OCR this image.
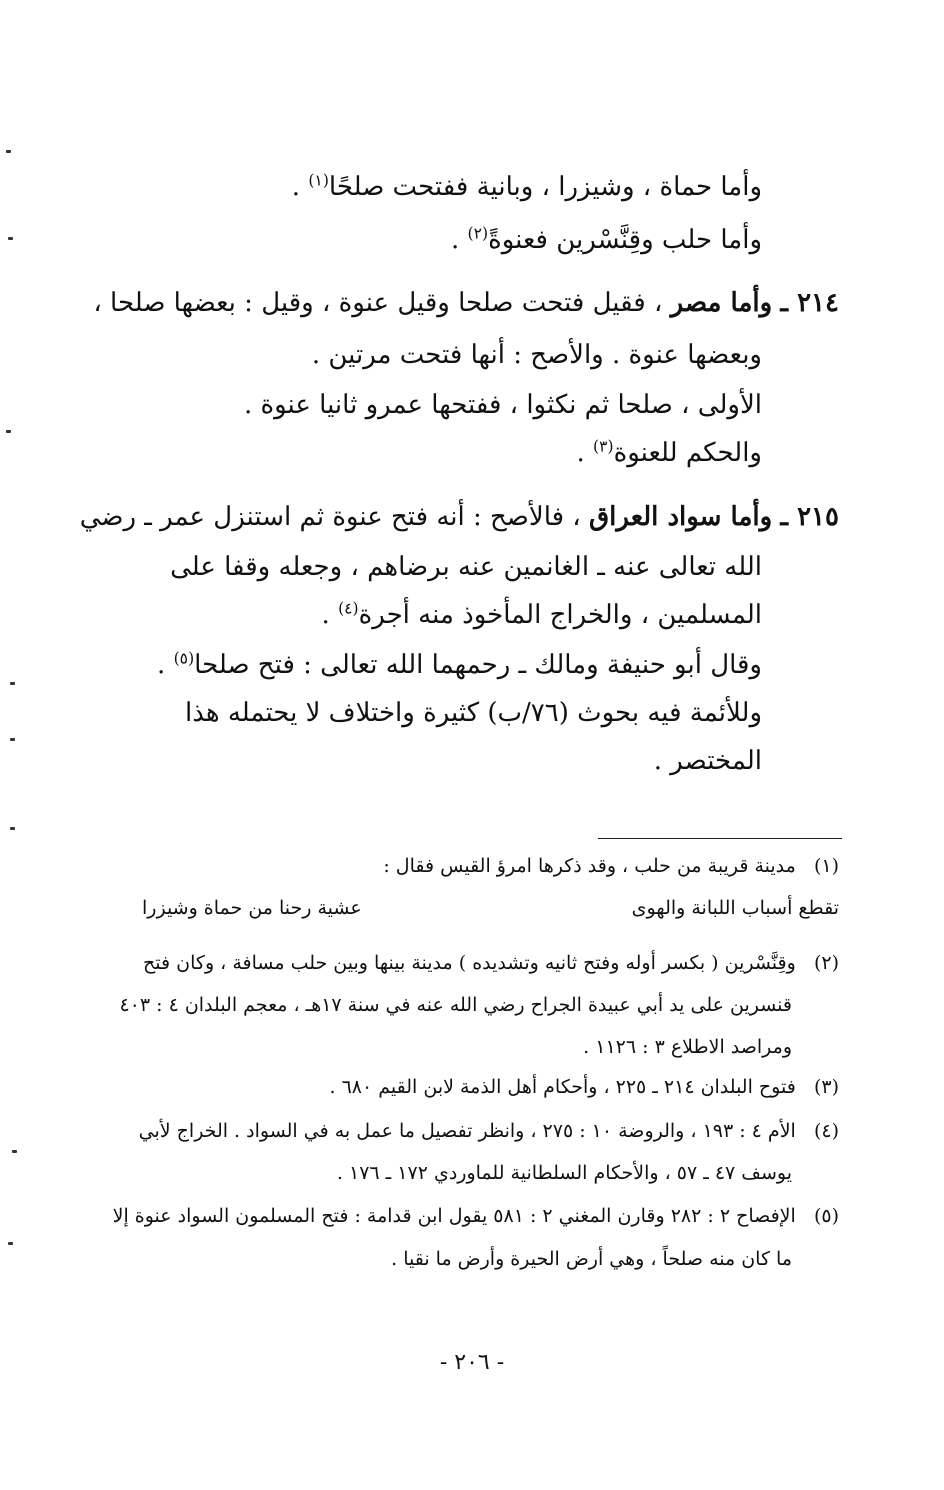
وأما حماة ، وشيزرا ، وبانية ففتحت صلحًا$^{(١)}$ .
وأما حلب وقِنَّسْرين فعنوةً$^{(٢)}$ .
٢١٤ ـ وأما مصر ، فقيل فتحت صلحا وقيل عنوة ، وقيل : بعضها صلحا ،
وبعضها عنوة . والأصح : أنها فتحت مرتين .
الأولى ، صلحا ثم نكثوا ، ففتحها عمرو ثانيا عنوة .
والحكم للعنوة$^{(٣)}$ .
٢١٥ ـ وأما سواد العراق ، فالأصح : أنه فتح عنوة ثم استنزل عمر ـ رضي
الله تعالى عنه ـ الغانمين عنه برضاهم ، وجعله وقفا على
المسلمين ، والخراج المأخوذ منه أجرة$^{(٤)}$ .
وقال أبو حنيفة ومالك ـ رحمهما الله تعالى : فتح صلحا$^{(٥)}$ .
وللأئمة فيه بحوث (٧٦/ب) كثيرة واختلاف لا يحتمله هذا
المختصر .
(١)   مدينة قريبة من حلب ، وقد ذكرها امرؤ القيس فقال :
تقطع أسباب اللبانة والهوى
عشية رحنا من حماة وشيزرا
(٢)   وقِنَّسْرين ( بكسر أوله وفتح ثانيه وتشديده ) مدينة بينها وبين حلب مسافة ، وكان فتح
قنسرين على يد أبي عبيدة الجراح رضي الله عنه في سنة ١٧هـ ، معجم البلدان ٤ : ٤٠٣
ومراصد الاطلاع ٣ : ١١٢٦ .
(٣)   فتوح البلدان ٢١٤ ـ ٢٢٥ ، وأحكام أهل الذمة لابن القيم ٦٨٠ .
(٤)   الأم ٤ : ١٩٣ ، والروضة ١٠ : ٢٧٥ ، وانظر تفصيل ما عمل به في السواد . الخراج لأبي
يوسف ٤٧ ـ ٥٧ ، والأحكام السلطانية للماوردي ١٧٢ ـ ١٧٦ .
(٥)   الإفصاح ٢ : ٢٨٢ وقارن المغني ٢ : ٥٨١ يقول ابن قدامة : فتح المسلمون السواد عنوة إلا
ما كان منه صلحاً ، وهي أرض الحيرة وأرض ما نقيا .
- ٢٠٦ -
